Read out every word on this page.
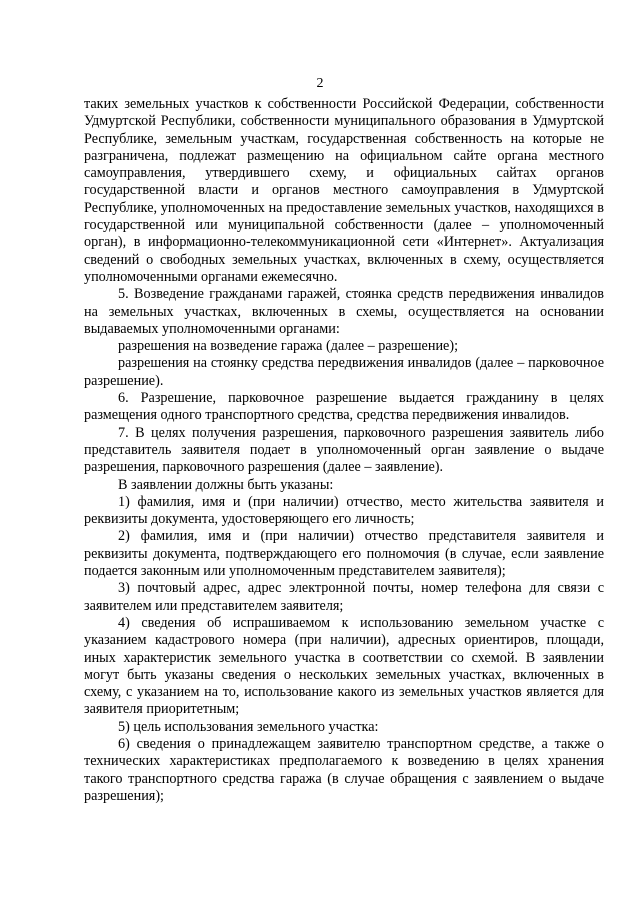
2

таких земельных участков к собственности Российской Федерации, собственности Удмуртской Республики, собственности муниципального образования в Удмуртской Республике, земельным участкам, государственная собственность на которые не разграничена, подлежат размещению на официальном сайте органа местного самоуправления, утвердившего схему, и официальных сайтах органов государственной власти и органов местного самоуправления в Удмуртской Республике, уполномоченных на предоставление земельных участков, находящихся в государственной или муниципальной собственности (далее – уполномоченный орган), в информационно-телекоммуникационной сети «Интернет». Актуализация сведений о свободных земельных участках, включенных в схему, осуществляется уполномоченными органами ежемесячно.

5. Возведение гражданами гаражей, стоянка средств передвижения инвалидов на земельных участках, включенных в схемы, осуществляется на основании выдаваемых уполномоченными органами:

разрешения на возведение гаража (далее – разрешение);

разрешения на стоянку средства передвижения инвалидов (далее – парковочное разрешение).

6. Разрешение, парковочное разрешение выдается гражданину в целях размещения одного транспортного средства, средства передвижения инвалидов.

7. В целях получения разрешения, парковочного разрешения заявитель либо представитель заявителя подает в уполномоченный орган заявление о выдаче разрешения, парковочного разрешения (далее – заявление).

В заявлении должны быть указаны:

1) фамилия, имя и (при наличии) отчество, место жительства заявителя и реквизиты документа, удостоверяющего его личность;

2) фамилия, имя и (при наличии) отчество представителя заявителя и реквизиты документа, подтверждающего его полномочия (в случае, если заявление подается законным или уполномоченным представителем заявителя);

3) почтовый адрес, адрес электронной почты, номер телефона для связи с заявителем или представителем заявителя;

4) сведения об испрашиваемом к использованию земельном участке с указанием кадастрового номера (при наличии), адресных ориентиров, площади, иных характеристик земельного участка в соответствии со схемой. В заявлении могут быть указаны сведения о нескольких земельных участках, включенных в схему, с указанием на то, использование какого из земельных участков является для заявителя приоритетным;

5) цель использования земельного участка:

6) сведения о принадлежащем заявителю транспортном средстве, а также о технических характеристиках предполагаемого к возведению в целях хранения такого транспортного средства гаража (в случае обращения с заявлением о выдаче разрешения);
